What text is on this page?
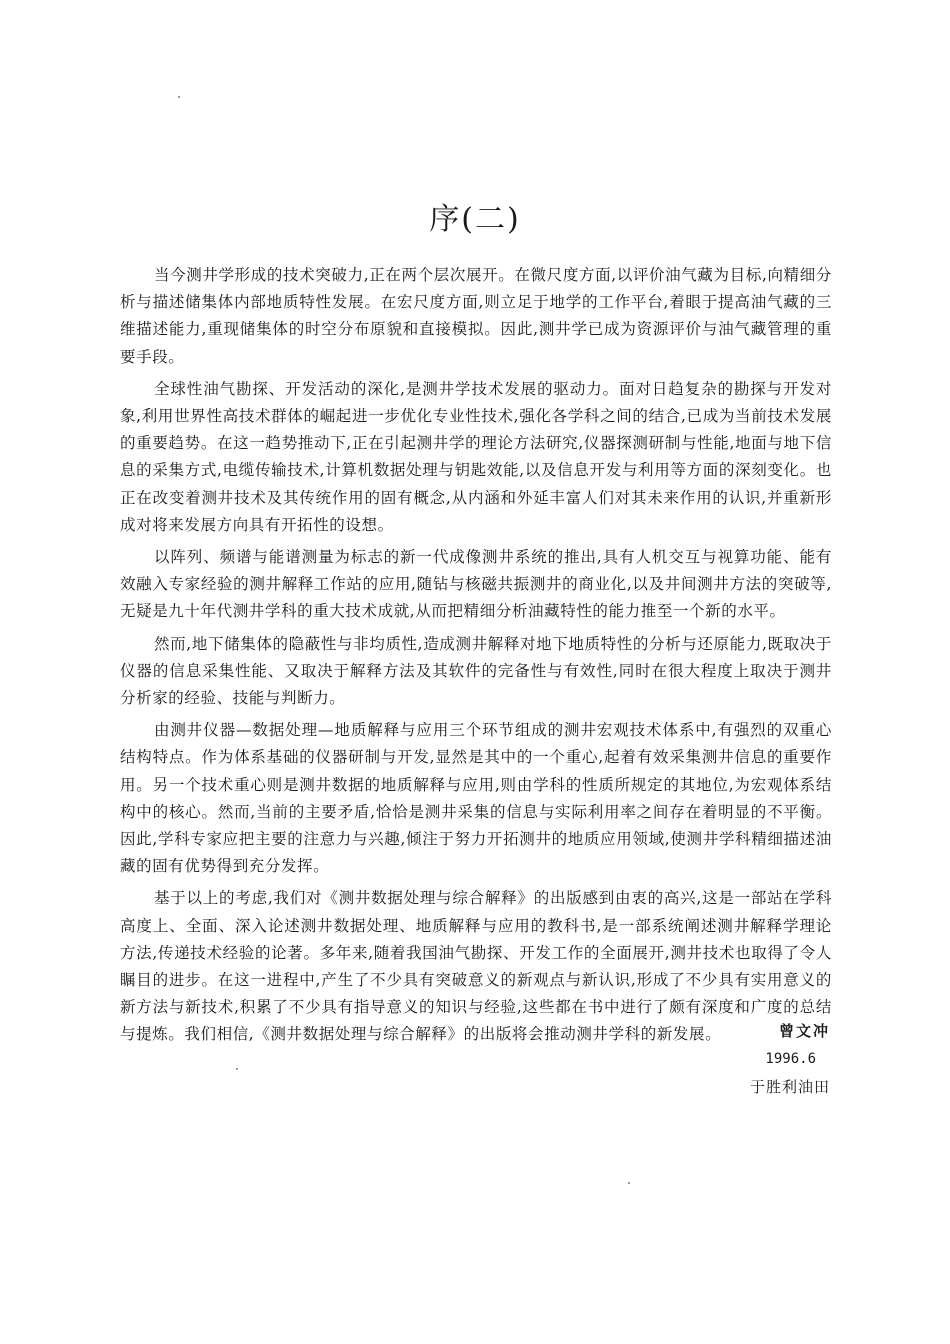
序(二)

当今测井学形成的技术突破力,正在两个层次展开。在微尺度方面,以评价油气藏为目标,向精细分析与描述储集体内部地质特性发展。在宏尺度方面,则立足于地学的工作平台,着眼于提高油气藏的三维描述能力,重现储集体的时空分布原貌和直接模拟。因此,测井学已成为资源评价与油气藏管理的重要手段。

全球性油气勘探、开发活动的深化,是测井学技术发展的驱动力。面对日趋复杂的勘探与开发对象,利用世界性高技术群体的崛起进一步优化专业性技术,强化各学科之间的结合,已成为当前技术发展的重要趋势。在这一趋势推动下,正在引起测井学的理论方法研究,仪器探测研制与性能,地面与地下信息的采集方式,电缆传输技术,计算机数据处理与钥匙效能,以及信息开发与利用等方面的深刻变化。也正在改变着测井技术及其传统作用的固有概念,从内涵和外延丰富人们对其未来作用的认识,并重新形成对将来发展方向具有开拓性的设想。

以阵列、频谱与能谱测量为标志的新一代成像测井系统的推出,具有人机交互与视算功能、能有效融入专家经验的测井解释工作站的应用,随钻与核磁共振测井的商业化,以及井间测井方法的突破等,无疑是九十年代测井学科的重大技术成就,从而把精细分析油藏特性的能力推至一个新的水平。

然而,地下储集体的隐蔽性与非均质性,造成测井解释对地下地质特性的分析与还原能力,既取决于仪器的信息采集性能、又取决于解释方法及其软件的完备性与有效性,同时在很大程度上取决于测井分析家的经验、技能与判断力。

由测井仪器—数据处理—地质解释与应用三个环节组成的测井宏观技术体系中,有强烈的双重心结构特点。作为体系基础的仪器研制与开发,显然是其中的一个重心,起着有效采集测井信息的重要作用。另一个技术重心则是测井数据的地质解释与应用,则由学科的性质所规定的其地位,为宏观体系结构中的核心。然而,当前的主要矛盾,恰恰是测井采集的信息与实际利用率之间存在着明显的不平衡。因此,学科专家应把主要的注意力与兴趣,倾注于努力开拓测井的地质应用领域,使测井学科精细描述油藏的固有优势得到充分发挥。

基于以上的考虑,我们对《测井数据处理与综合解释》的出版感到由衷的高兴,这是一部站在学科高度上、全面、深入论述测井数据处理、地质解释与应用的教科书,是一部系统阐述测井解释学理论方法,传递技术经验的论著。多年来,随着我国油气勘探、开发工作的全面展开,测井技术也取得了令人瞩目的进步。在这一进程中,产生了不少具有突破意义的新观点与新认识,形成了不少具有实用意义的新方法与新技术,积累了不少具有指导意义的知识与经验,这些都在书中进行了颇有深度和广度的总结与提炼。我们相信,《测井数据处理与综合解释》的出版将会推动测井学科的新发展。	曾文冲
1996.6
于胜利油田
